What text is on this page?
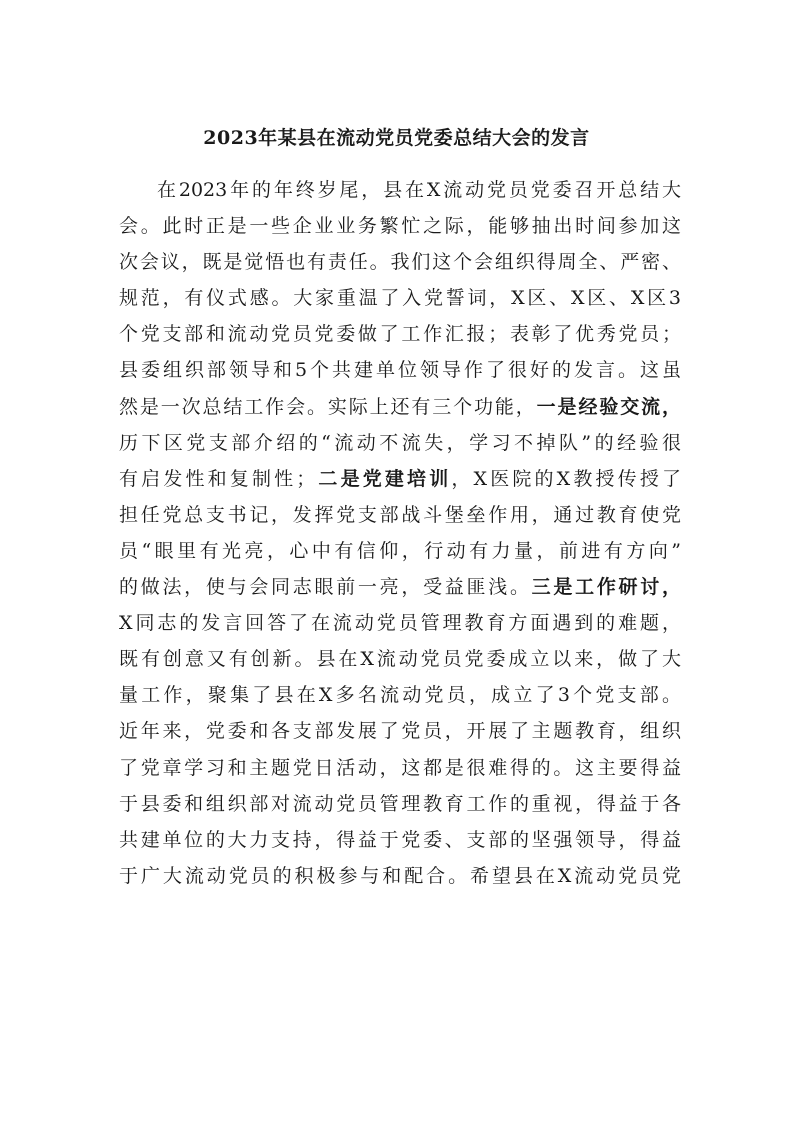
2023年某县在流动党员党委总结大会的发言
在2023年的年终岁尾，县在X流动党员党委召开总结大
会。此时正是一些企业业务繁忙之际，能够抽出时间参加这
次会议，既是觉悟也有责任。我们这个会组织得周全、严密、
规范，有仪式感。大家重温了入党誓词，X区、X区、X区3
个党支部和流动党员党委做了工作汇报；表彰了优秀党员；
县委组织部领导和5个共建单位领导作了很好的发言。这虽
然是一次总结工作会。实际上还有三个功能，一是经验交流，
历下区党支部介绍的“流动不流失，学习不掉队”的经验很
有启发性和复制性；二是党建培训，X医院的X教授传授了
担任党总支书记，发挥党支部战斗堡垒作用，通过教育使党
员“眼里有光亮，心中有信仰，行动有力量，前进有方向”
的做法，使与会同志眼前一亮，受益匪浅。三是工作研讨，
X同志的发言回答了在流动党员管理教育方面遇到的难题，
既有创意又有创新。县在X流动党员党委成立以来，做了大
量工作，聚集了县在X多名流动党员，成立了3个党支部。
近年来，党委和各支部发展了党员，开展了主题教育，组织
了党章学习和主题党日活动，这都是很难得的。这主要得益
于县委和组织部对流动党员管理教育工作的重视，得益于各
共建单位的大力支持，得益于党委、支部的坚强领导，得益
于广大流动党员的积极参与和配合。希望县在X流动党员党
